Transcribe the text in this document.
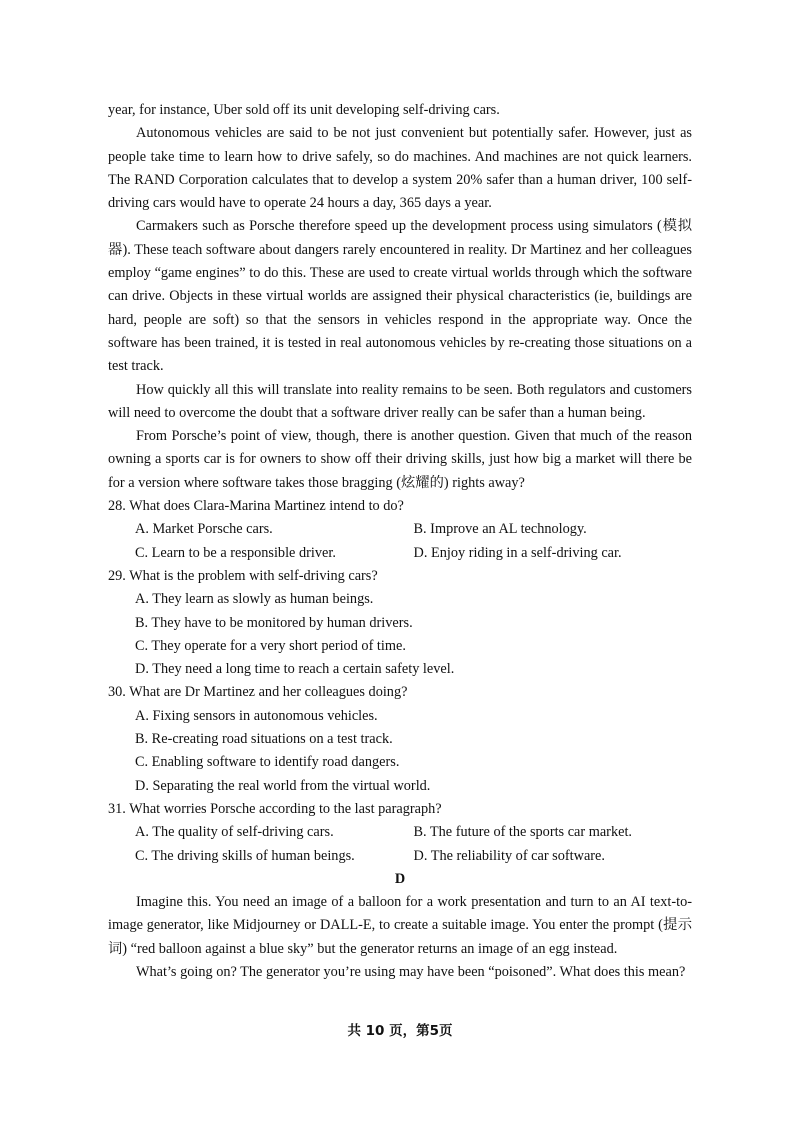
year, for instance, Uber sold off its unit developing self-driving cars.

Autonomous vehicles are said to be not just convenient but potentially safer. However, just as people take time to learn how to drive safely, so do machines. And machines are not quick learners. The RAND Corporation calculates that to develop a system 20% safer than a human driver, 100 self-driving cars would have to operate 24 hours a day, 365 days a year.

Carmakers such as Porsche therefore speed up the development process using simulators (模拟器). These teach software about dangers rarely encountered in reality. Dr Martinez and her colleagues employ “game engines” to do this. These are used to create virtual worlds through which the software can drive. Objects in these virtual worlds are assigned their physical characteristics (ie, buildings are hard, people are soft) so that the sensors in vehicles respond in the appropriate way. Once the software has been trained, it is tested in real autonomous vehicles by re-creating those situations on a test track.

How quickly all this will translate into reality remains to be seen. Both regulators and customers will need to overcome the doubt that a software driver really can be safer than a human being.

From Porsche’s point of view, though, there is another question. Given that much of the reason owning a sports car is for owners to show off their driving skills, just how big a market will there be for a version where software takes those bragging (炫耀的) rights away?

28. What does Clara-Marina Martinez intend to do?

A. Market Porsche cars.	B. Improve an AL technology.
C. Learn to be a responsible driver.	D. Enjoy riding in a self-driving car.

29. What is the problem with self-driving cars?

A. They learn as slowly as human beings.
B. They have to be monitored by human drivers.
C. They operate for a very short period of time.
D. They need a long time to reach a certain safety level.

30. What are Dr Martinez and her colleagues doing?

A. Fixing sensors in autonomous vehicles.
B. Re-creating road situations on a test track.
C. Enabling software to identify road dangers.
D. Separating the real world from the virtual world.

31. What worries Porsche according to the last paragraph?

A. The quality of self-driving cars.	B. The future of the sports car market.
C. The driving skills of human beings.	D. The reliability of car software.

D

Imagine this. You need an image of a balloon for a work presentation and turn to an AI text-to-image generator, like Midjourney or DALL-E, to create a suitable image. You enter the prompt (提示词) “red balloon against a blue sky” but the generator returns an image of an egg instead.

What’s going on? The generator you’re using may have been “poisoned”. What does this mean?

共 10 页，第5页
